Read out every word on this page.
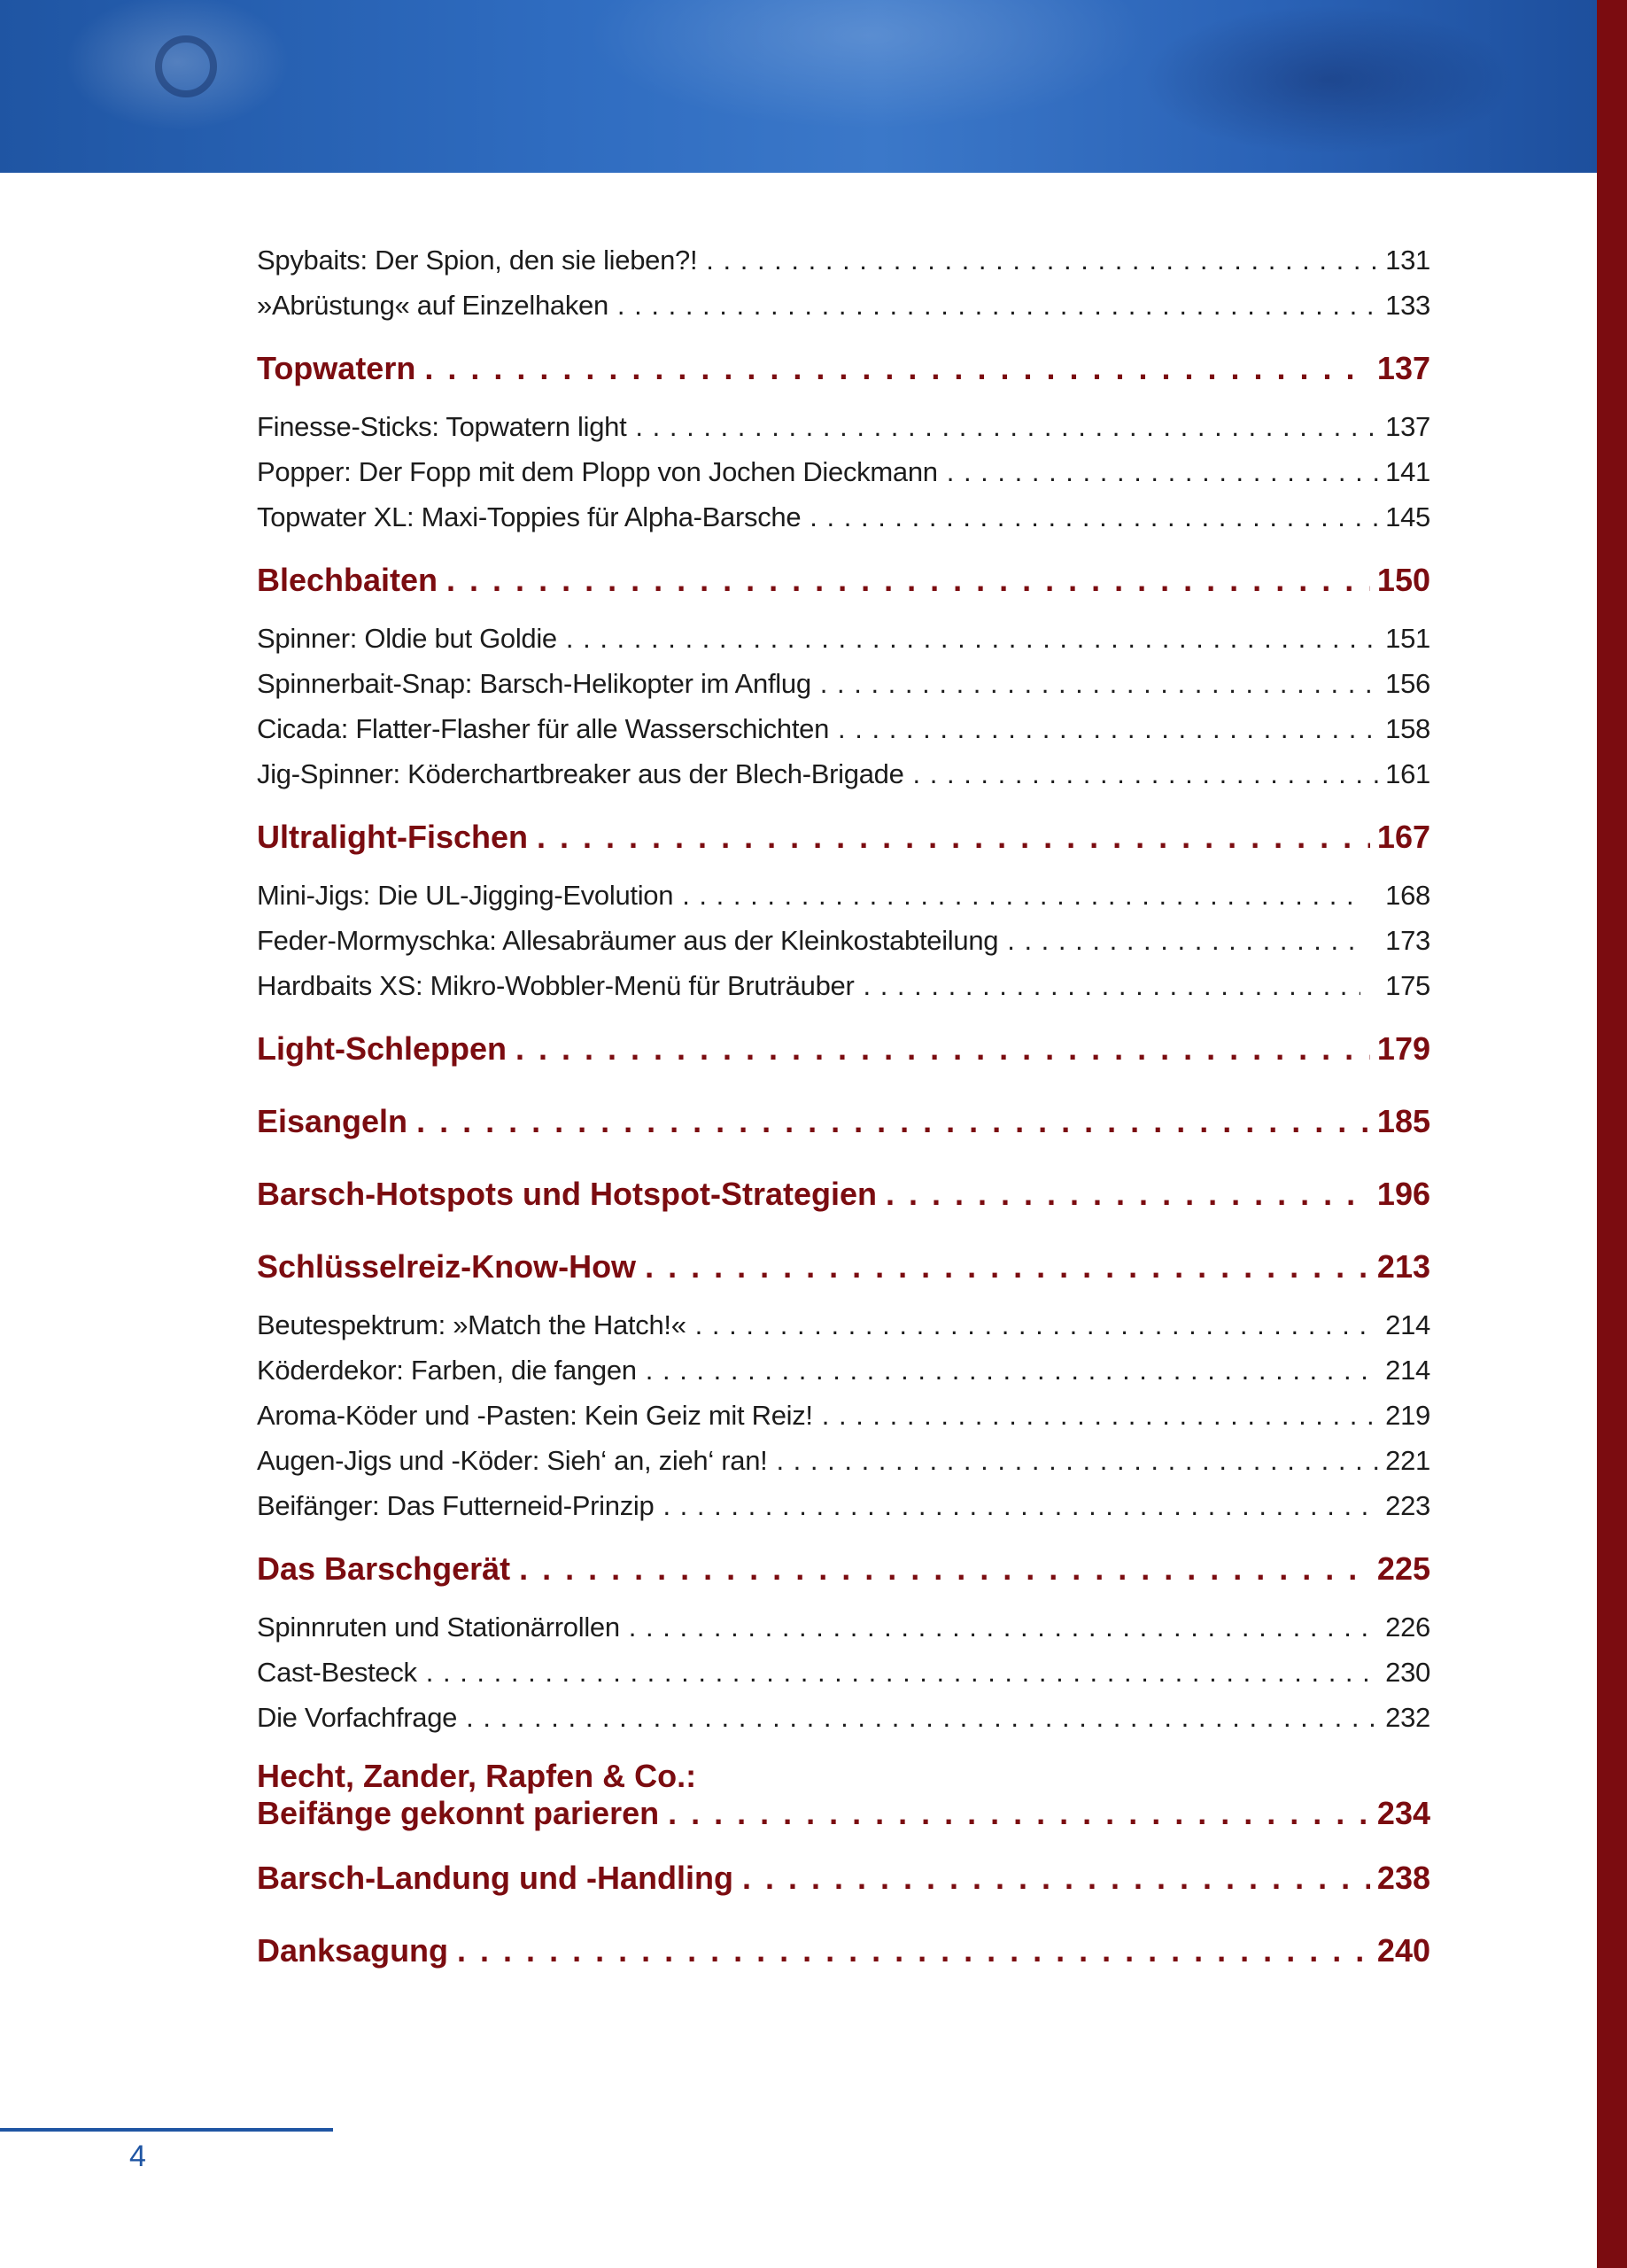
Spybaits: Der Spion, den sie lieben?! . . .	131
»Abrüstung« auf Einzelhaken . . .	133
Topwatern . . .	137
Finesse-Sticks: Topwatern light . . .	137
Popper: Der Fopp mit dem Plopp von Jochen Dieckmann . . .	141
Topwater XL: Maxi-Toppies für Alpha-Barsche . . .	145
Blechbaiten . . .	150
Spinner: Oldie but Goldie . . .	151
Spinnerbait-Snap: Barsch-Helikopter im Anflug . . .	156
Cicada: Flatter-Flasher für alle Wasserschichten . . .	158
Jig-Spinner: Köderchartbreaker aus der Blech-Brigade . . .	161
Ultralight-Fischen . . .	167
Mini-Jigs: Die UL-Jigging-Evolution . . .	168
Feder-Mormyschka: Allesabräumer aus der Kleinkostabteilung . . .	173
Hardbaits XS: Mikro-Wobbler-Menü für Bruträuber . . .	175
Light-Schleppen . . .	179
Eisangeln . . .	185
Barsch-Hotspots und Hotspot-Strategien . . .	196
Schlüsselreiz-Know-How . . .	213
Beutespektrum: »Match the Hatch!« . . .	214
Köderdekor: Farben, die fangen . . .	214
Aroma-Köder und -Pasten: Kein Geiz mit Reiz! . . .	219
Augen-Jigs und -Köder: Sieh‘ an, zieh‘ ran! . . .	221
Beifänger: Das Futterneid-Prinzip . . .	223
Das Barschgerät . . .	225
Spinnruten und Stationärrollen . . .	226
Cast-Besteck . . .	230
Die Vorfachfrage . . .	232
Hecht, Zander, Rapfen & Co.:
Beifänge gekonnt parieren . . .	234
Barsch-Landung und -Handling . . .	238
Danksagung . . .	240
4
